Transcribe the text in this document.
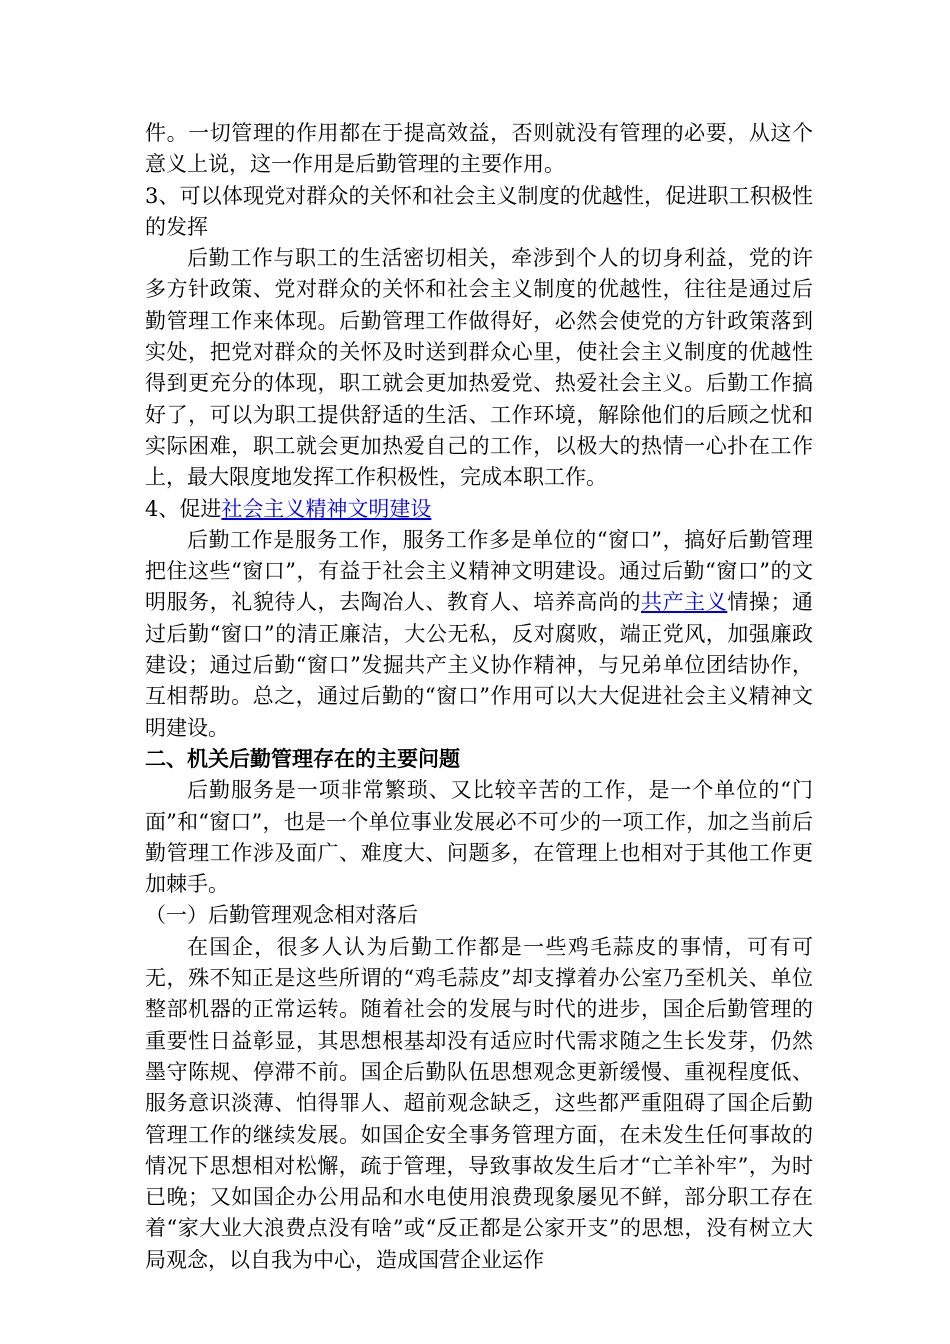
件。一切管理的作用都在于提高效益，否则就没有管理的必要，从这个意义上说，这一作用是后勤管理的主要作用。

3、可以体现党对群众的关怀和社会主义制度的优越性，促进职工积极性的发挥

后勤工作与职工的生活密切相关，牵涉到个人的切身利益，党的许多方针政策、党对群众的关怀和社会主义制度的优越性，往往是通过后勤管理工作来体现。后勤管理工作做得好，必然会使党的方针政策落到实处，把党对群众的关怀及时送到群众心里，使社会主义制度的优越性得到更充分的体现，职工就会更加热爱党、热爱社会主义。后勤工作搞好了，可以为职工提供舒适的生活、工作环境，解除他们的后顾之忧和实际困难，职工就会更加热爱自己的工作，以极大的热情一心扑在工作上，最大限度地发挥工作积极性，完成本职工作。

4、促进社会主义精神文明建设

后勤工作是服务工作，服务工作多是单位的“窗口”，搞好后勤管理把住这些“窗口”，有益于社会主义精神文明建设。通过后勤“窗口”的文明服务，礼貌待人，去陶冶人、教育人、培养高尚的共产主义情操；通过后勤“窗口”的清正廉洁，大公无私，反对腐败，端正党风，加强廉政建设；通过后勤“窗口”发掘共产主义协作精神，与兄弟单位团结协作，互相帮助。总之，通过后勤的“窗口”作用可以大大促进社会主义精神文明建设。

二、机关后勤管理存在的主要问题

后勤服务是一项非常繁琐、又比较辛苦的工作，是一个单位的“门面”和“窗口”，也是一个单位事业发展必不可少的一项工作，加之当前后勤管理工作涉及面广、难度大、问题多，在管理上也相对于其他工作更加棘手。

（一）后勤管理观念相对落后

在国企，很多人认为后勤工作都是一些鸡毛蒜皮的事情，可有可无，殊不知正是这些所谓的“鸡毛蒜皮”却支撑着办公室乃至机关、单位整部机器的正常运转。随着社会的发展与时代的进步，国企后勤管理的重要性日益彰显，其思想根基却没有适应时代需求随之生长发芽，仍然墨守陈规、停滞不前。国企后勤队伍思想观念更新缓慢、重视程度低、服务意识淡薄、怕得罪人、超前观念缺乏，这些都严重阻碍了国企后勤管理工作的继续发展。如国企安全事务管理方面，在未发生任何事故的情况下思想相对松懈，疏于管理，导致事故发生后才“亡羊补牢”，为时已晚；又如国企办公用品和水电使用浪费现象屡见不鲜，部分职工存在着“家大业大浪费点没有啥”或“反正都是公家开支”的思想，没有树立大局观念，以自我为中心，造成国营企业运作
